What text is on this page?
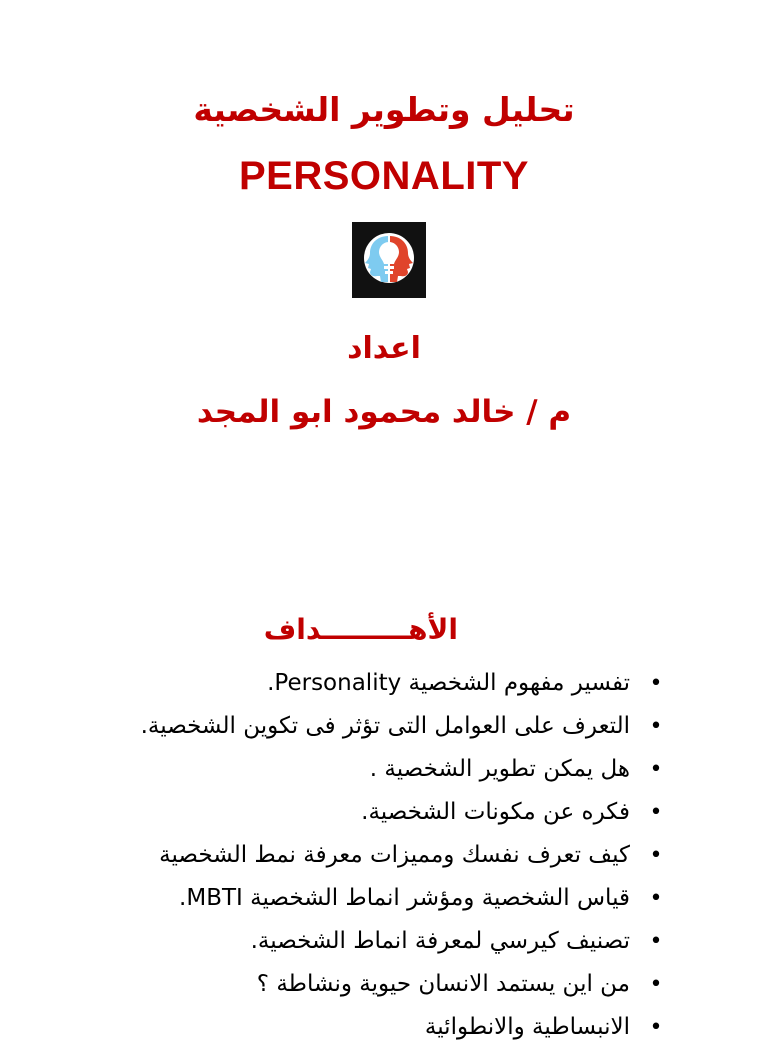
تحليل وتطوير الشخصية
PERSONALITY
اعداد
م / خالد محمود ابو المجد
الأهـــــــــداف
•
تفسير مفهوم الشخصية Personality.
•
التعرف على العوامل التى تؤثر فى تكوين الشخصية.
•
هل يمكن تطوير الشخصية .
•
فكره عن مكونات الشخصية.
•
كيف تعرف نفسك ومميزات معرفة نمط الشخصية
•
قياس الشخصية ومؤشر انماط الشخصية MBTI.
•
تصنيف كيرسي لمعرفة انماط الشخصية.
•
من اين يستمد الانسان حيوية ونشاطة ؟
•
الانبساطية والانطوائية
